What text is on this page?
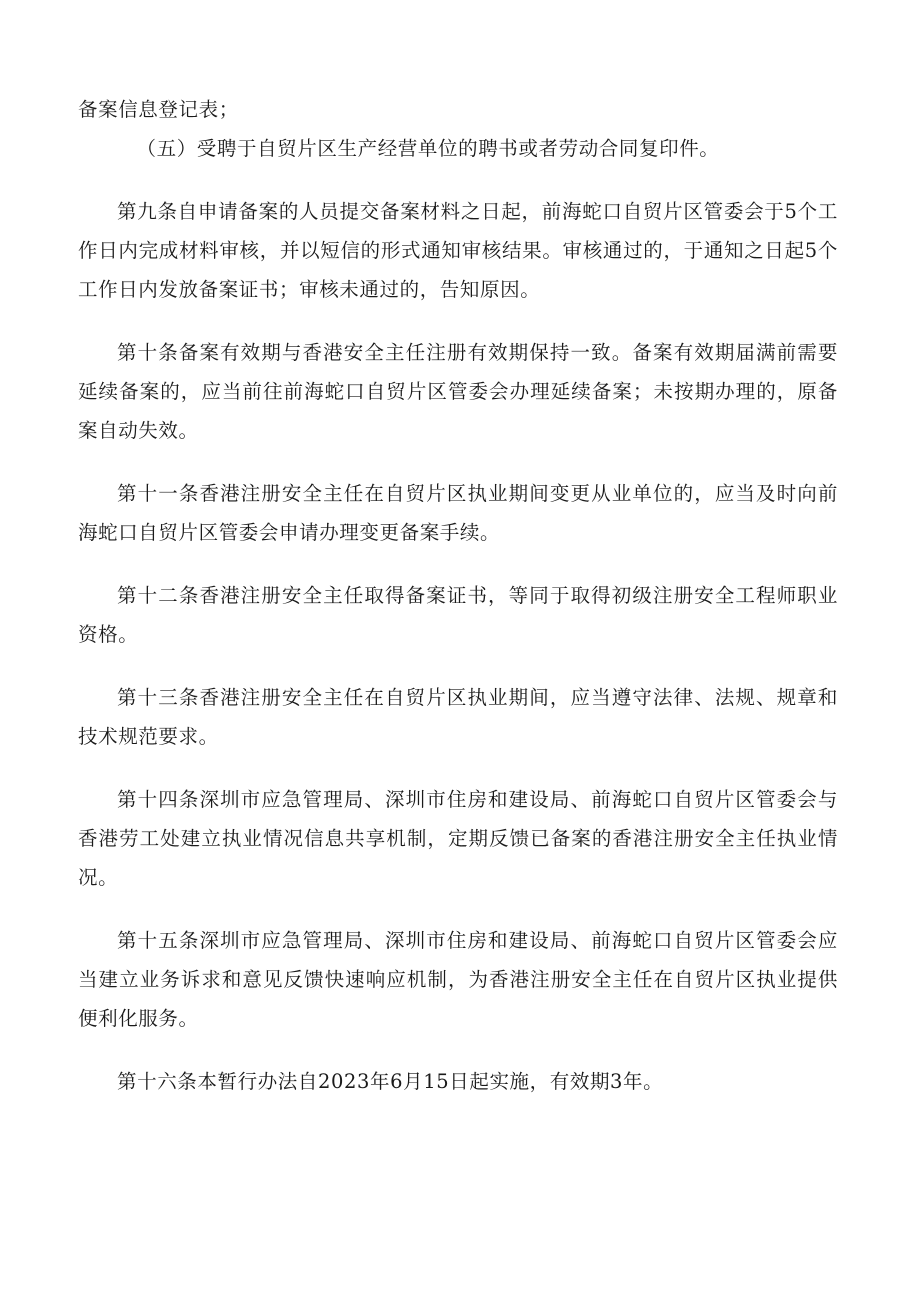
备案信息登记表；

（五）受聘于自贸片区生产经营单位的聘书或者劳动合同复印件。

第九条自申请备案的人员提交备案材料之日起，前海蛇口自贸片区管委会于5个工作日内完成材料审核，并以短信的形式通知审核结果。审核通过的，于通知之日起5个工作日内发放备案证书；审核未通过的，告知原因。

第十条备案有效期与香港安全主任注册有效期保持一致。备案有效期届满前需要延续备案的，应当前往前海蛇口自贸片区管委会办理延续备案；未按期办理的，原备案自动失效。

第十一条香港注册安全主任在自贸片区执业期间变更从业单位的，应当及时向前海蛇口自贸片区管委会申请办理变更备案手续。

第十二条香港注册安全主任取得备案证书，等同于取得初级注册安全工程师职业资格。

第十三条香港注册安全主任在自贸片区执业期间，应当遵守法律、法规、规章和技术规范要求。

第十四条深圳市应急管理局、深圳市住房和建设局、前海蛇口自贸片区管委会与香港劳工处建立执业情况信息共享机制，定期反馈已备案的香港注册安全主任执业情况。

第十五条深圳市应急管理局、深圳市住房和建设局、前海蛇口自贸片区管委会应当建立业务诉求和意见反馈快速响应机制，为香港注册安全主任在自贸片区执业提供便利化服务。

第十六条本暂行办法自2023年6月15日起实施，有效期3年。
